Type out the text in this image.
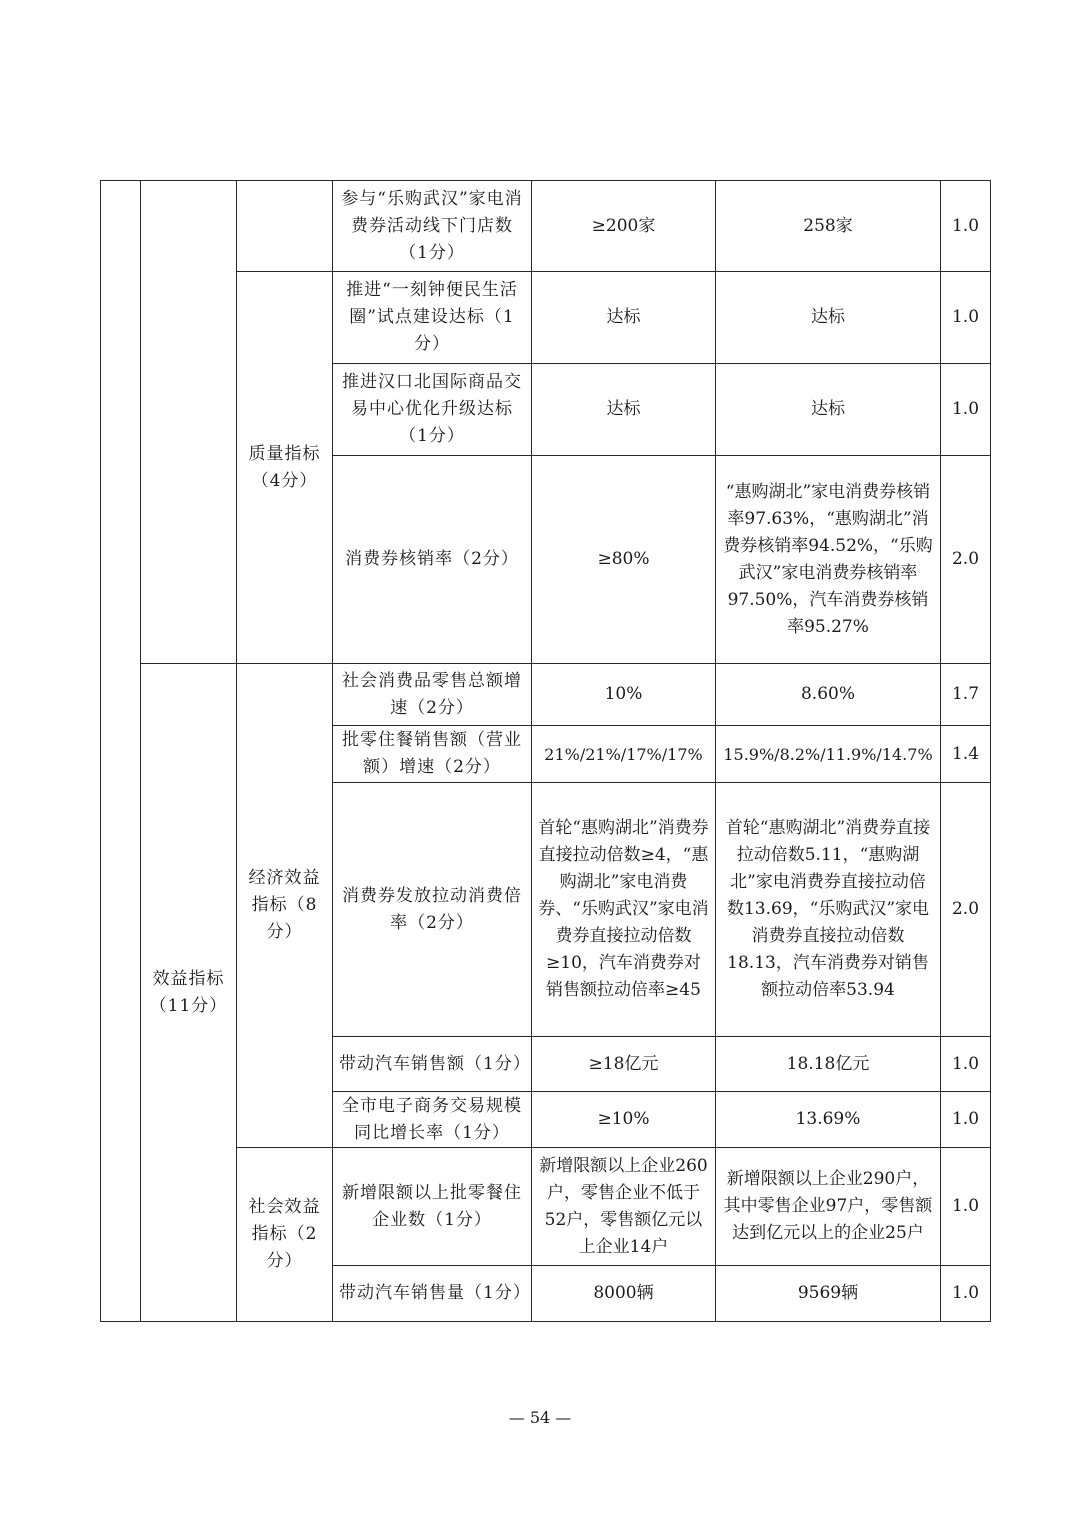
			参与“乐购武汉”家电消费券活动线下门店数（1分）	≥200家	258家	1.0
		质量指标（4分）	推进“一刻钟便民生活圈”试点建设达标（1分）	达标	达标	1.0
			推进汉口北国际商品交易中心优化升级达标（1分）	达标	达标	1.0
			消费券核销率（2分）	≥80%	“惠购湖北”家电消费券核销率97.63%，“惠购湖北”消费券核销率94.52%，“乐购武汉”家电消费券核销率97.50%，汽车消费券核销率95.27%	2.0
	效益指标（11分）	经济效益指标（8分）	社会消费品零售总额增速（2分）	10%	8.60%	1.7
			批零住餐销售额（营业额）增速（2分）	21%/21%/17%/17%	15.9%/8.2%/11.9%/14.7%	1.4
			消费券发放拉动消费倍率（2分）	首轮“惠购湖北”消费券直接拉动倍数≥4，“惠购湖北”家电消费券、“乐购武汉”家电消费券直接拉动倍数≥10，汽车消费券对销售额拉动倍率≥45	首轮“惠购湖北”消费券直接拉动倍数5.11，“惠购湖北”家电消费券直接拉动倍数13.69，“乐购武汉”家电消费券直接拉动倍数18.13，汽车消费券对销售额拉动倍率53.94	2.0
			带动汽车销售额（1分）	≥18亿元	18.18亿元	1.0
			全市电子商务交易规模同比增长率（1分）	≥10%	13.69%	1.0
		社会效益指标（2分）	新增限额以上批零餐住企业数（1分）	新增限额以上企业260户，零售企业不低于52户，零售额亿元以上企业14户	新增限额以上企业290户，其中零售企业97户，零售额达到亿元以上的企业25户	1.0
			带动汽车销售量（1分）	8000辆	9569辆	1.0
— 54 —
